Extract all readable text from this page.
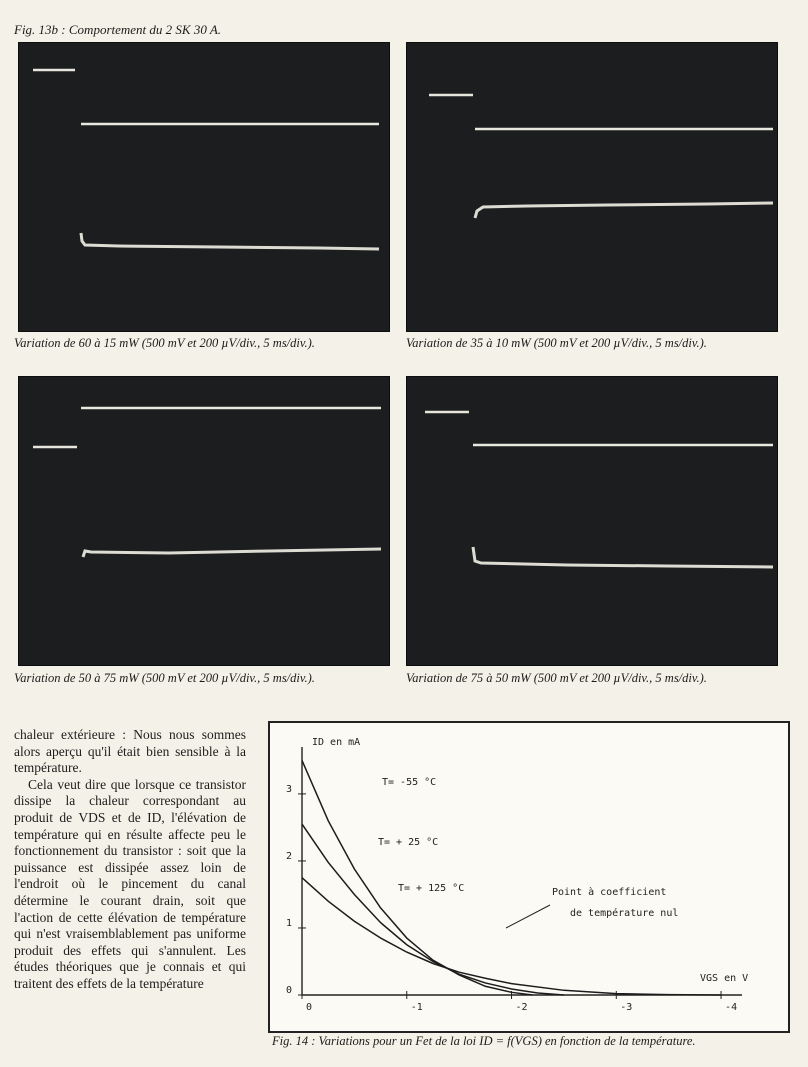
Fig. 13b : Comportement du 2 SK 30 A.
Variation de 60 à 15 mW (500 mV et 200 µV/div., 5 ms/div.).	Variation de 35 à 10 mW (500 mV et 200 µV/div., 5 ms/div.).
Variation de 50 à 75 mW (500 mV et 200 µV/div., 5 ms/div.).	Variation de 75 à 50 mW (500 mV et 200 µV/div., 5 ms/div.).

chaleur extérieure : Nous nous sommes alors aperçu qu'il était bien sensible à la température.

Cela veut dire que lorsque ce transistor dissipe la chaleur correspondant au produit de VDS et de ID, l'élévation de température qui en résulte affecte peu le fonctionnement du transistor : soit que la puissance est dissipée assez loin de l'endroit où le pincement du canal détermine le courant drain, soit que l'action de cette élévation de température qui n'est vraisemblablement pas uniforme produit des effets qui s'annulent. Les études théoriques que je connais et qui traitent des effets de la température

0	-1	-2	-3	-4
0
1
2
3
ID en mA
VGS en V
T= -55 °C
T= + 25 °C
T= + 125 °C	Point à coefficient
de température nul
Fig. 14 : Variations pour un Fet de la loi ID = f(VGS) en fonction de la température.
